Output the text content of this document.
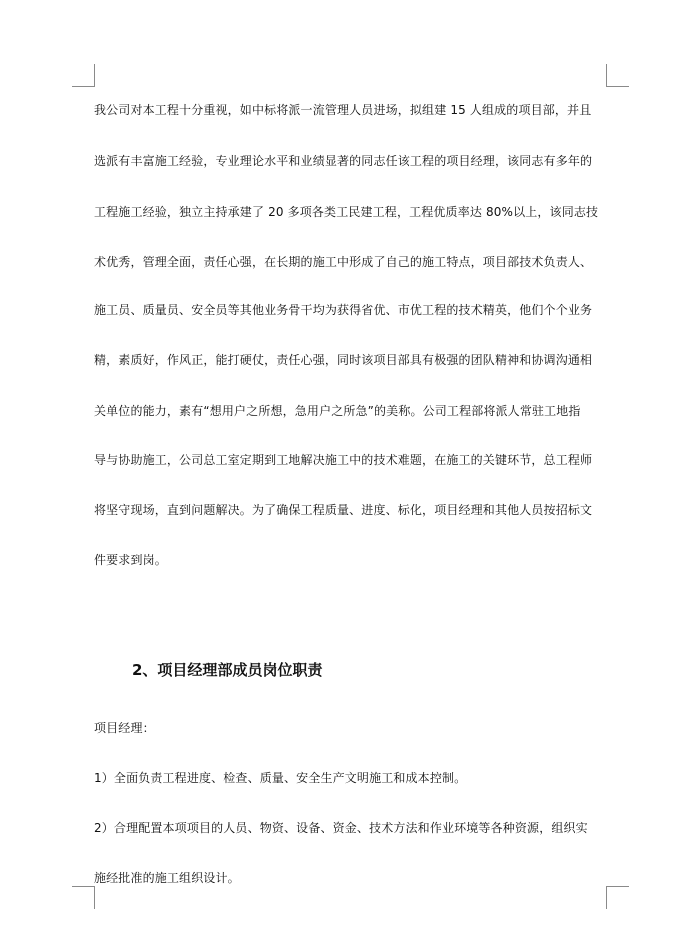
我公司对本工程十分重视，如中标将派一流管理人员进场，拟组建 15 人组成的项目部，并且
选派有丰富施工经验，专业理论水平和业绩显著的同志任该工程的项目经理，该同志有多年的
工程施工经验，独立主持承建了 20 多项各类工民建工程，工程优质率达 80%以上，该同志技
术优秀，管理全面，责任心强，在长期的施工中形成了自己的施工特点，项目部技术负责人、
施工员、质量员、安全员等其他业务骨干均为获得省优、市优工程的技术精英，他们个个业务
精，素质好，作风正，能打硬仗，责任心强，同时该项目部具有极强的团队精神和协调沟通相
关单位的能力，素有“想用户之所想，急用户之所急”的美称。公司工程部将派人常驻工地指
导与协助施工，公司总工室定期到工地解决施工中的技术难题，在施工的关键环节，总工程师
将坚守现场，直到问题解决。为了确保工程质量、进度、标化，项目经理和其他人员按招标文
件要求到岗。
2、项目经理部成员岗位职责
项目经理：
1）全面负责工程进度、检查、质量、安全生产文明施工和成本控制。
2）合理配置本项项目的人员、物资、设备、资金、技术方法和作业环境等各种资源，组织实
施经批准的施工组织设计。
